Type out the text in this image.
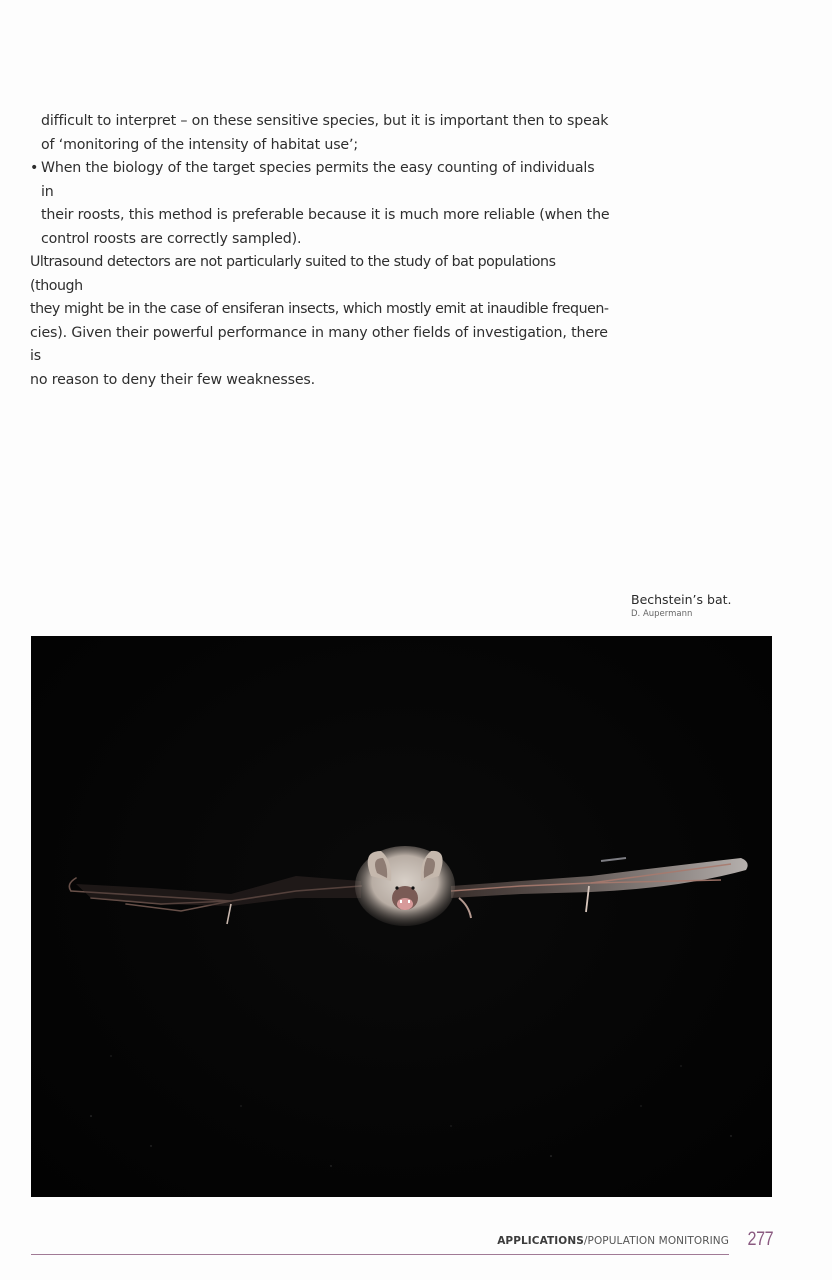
difficult to interpret – on these sensitive species, but it is important then to speak

of ʻmonitoring of the intensity of habitat useʼ;

• When the biology of the target species permits the easy counting of individuals in

their roosts, this method is preferable because it is much more reliable (when the

control roosts are correctly sampled).

Ultrasound detectors are not particularly suited to the study of bat populations (though

they might be in the case of ensiferan insects, which mostly emit at inaudible frequen-

cies). Given their powerful performance in many other fields of investigation, there is

no reason to deny their few weaknesses.

Bechstein’s bat.
D. Aupermann
APPLICATIONS/POPULATION MONITORING 277
